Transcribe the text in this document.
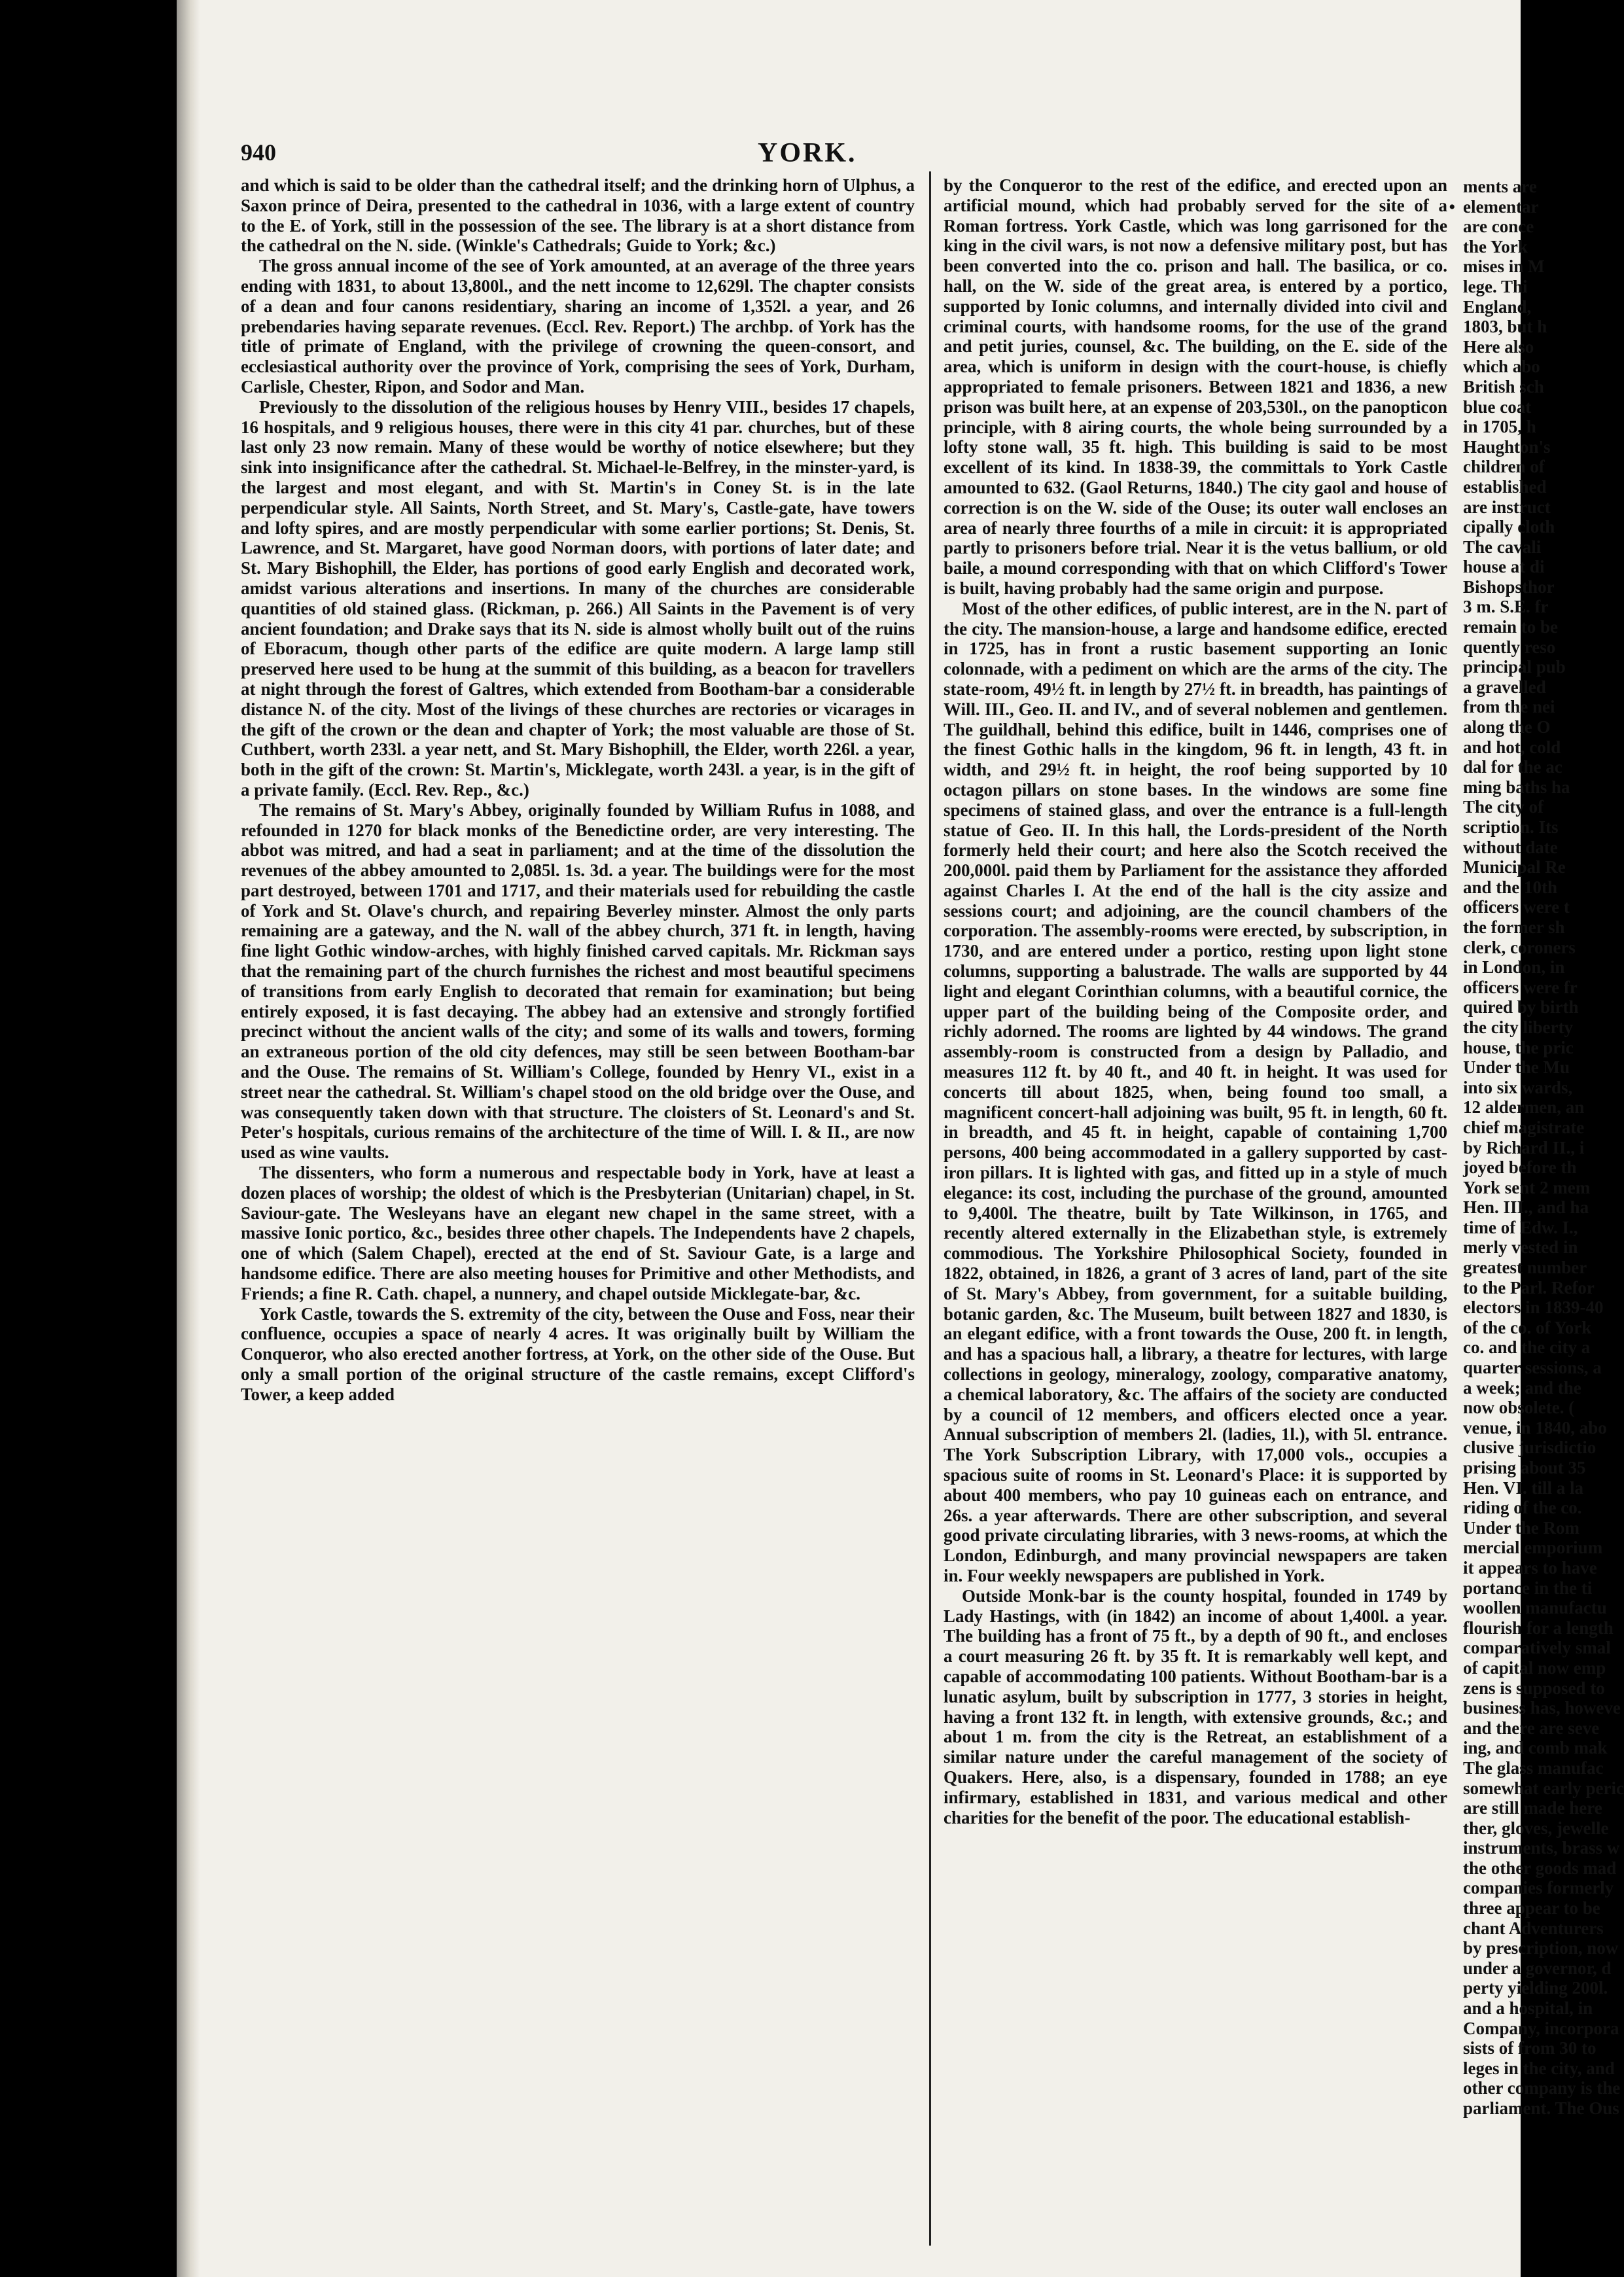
940	YORK.

and which is said to be older than the cathedral itself; and the drinking horn of Ulphus, a Saxon prince of Deira, presented to the cathedral in 1036, with a large extent of country to the E. of York, still in the possession of the see. The library is at a short distance from the cathedral on the N. side. (Winkle's Cathedrals; Guide to York; &c.)

The gross annual income of the see of York amounted, at an average of the three years ending with 1831, to about 13,800l., and the nett income to 12,629l. The chapter consists of a dean and four canons residentiary, sharing an income of 1,352l. a year, and 26 prebendaries having separate revenues. (Eccl. Rev. Report.) The archbp. of York has the title of primate of England, with the privilege of crowning the queen-consort, and ecclesiastical authority over the province of York, comprising the sees of York, Durham, Carlisle, Chester, Ripon, and Sodor and Man.

Previously to the dissolution of the religious houses by Henry VIII., besides 17 chapels, 16 hospitals, and 9 religious houses, there were in this city 41 par. churches, but of these last only 23 now remain. Many of these would be worthy of notice elsewhere; but they sink into insignificance after the cathedral. St. Michael-le-Belfrey, in the minster-yard, is the largest and most elegant, and with St. Martin's in Coney St. is in the late perpendicular style. All Saints, North Street, and St. Mary's, Castle-gate, have towers and lofty spires, and are mostly perpendicular with some earlier portions; St. Denis, St. Lawrence, and St. Margaret, have good Norman doors, with portions of later date; and St. Mary Bishophill, the Elder, has portions of good early English and decorated work, amidst various alterations and insertions. In many of the churches are considerable quantities of old stained glass. (Rickman, p. 266.) All Saints in the Pavement is of very ancient foundation; and Drake says that its N. side is almost wholly built out of the ruins of Eboracum, though other parts of the edifice are quite modern. A large lamp still preserved here used to be hung at the summit of this building, as a beacon for travellers at night through the forest of Galtres, which extended from Bootham-bar a considerable distance N. of the city. Most of the livings of these churches are rectories or vicarages in the gift of the crown or the dean and chapter of York; the most valuable are those of St. Cuthbert, worth 233l. a year nett, and St. Mary Bishophill, the Elder, worth 226l. a year, both in the gift of the crown: St. Martin's, Micklegate, worth 243l. a year, is in the gift of a private family. (Eccl. Rev. Rep., &c.)

The remains of St. Mary's Abbey, originally founded by William Rufus in 1088, and refounded in 1270 for black monks of the Benedictine order, are very interesting. The abbot was mitred, and had a seat in parliament; and at the time of the dissolution the revenues of the abbey amounted to 2,085l. 1s. 3d. a year. The buildings were for the most part destroyed, between 1701 and 1717, and their materials used for rebuilding the castle of York and St. Olave's church, and repairing Beverley minster. Almost the only parts remaining are a gateway, and the N. wall of the abbey church, 371 ft. in length, having fine light Gothic window-arches, with highly finished carved capitals. Mr. Rickman says that the remaining part of the church furnishes the richest and most beautiful specimens of transitions from early English to decorated that remain for examination; but being entirely exposed, it is fast decaying. The abbey had an extensive and strongly fortified precinct without the ancient walls of the city; and some of its walls and towers, forming an extraneous portion of the old city defences, may still be seen between Bootham-bar and the Ouse. The remains of St. William's College, founded by Henry VI., exist in a street near the cathedral. St. William's chapel stood on the old bridge over the Ouse, and was consequently taken down with that structure. The cloisters of St. Leonard's and St. Peter's hospitals, curious remains of the architecture of the time of Will. I. & II., are now used as wine vaults.

The dissenters, who form a numerous and respectable body in York, have at least a dozen places of worship; the oldest of which is the Presbyterian (Unitarian) chapel, in St. Saviour-gate. The Wesleyans have an elegant new chapel in the same street, with a massive Ionic portico, &c., besides three other chapels. The Independents have 2 chapels, one of which (Salem Chapel), erected at the end of St. Saviour Gate, is a large and handsome edifice. There are also meeting houses for Primitive and other Methodists, and Friends; a fine R. Cath. chapel, a nunnery, and chapel outside Micklegate-bar, &c.

York Castle, towards the S. extremity of the city, between the Ouse and Foss, near their confluence, occupies a space of nearly 4 acres. It was originally built by William the Conqueror, who also erected another fortress, at York, on the other side of the Ouse. But only a small portion of the original structure of the castle remains, except Clifford's Tower, a keep added

by the Conqueror to the rest of the edifice, and erected upon an artificial mound, which had probably served for the site of a Roman fortress. York Castle, which was long garrisoned for the king in the civil wars, is not now a defensive military post, but has been converted into the co. prison and hall. The basilica, or co. hall, on the W. side of the great area, is entered by a portico, supported by Ionic columns, and internally divided into civil and criminal courts, with handsome rooms, for the use of the grand and petit juries, counsel, &c. The building, on the E. side of the area, which is uniform in design with the court-house, is chiefly appropriated to female prisoners. Between 1821 and 1836, a new prison was built here, at an expense of 203,530l., on the panopticon principle, with 8 airing courts, the whole being surrounded by a lofty stone wall, 35 ft. high. This building is said to be most excellent of its kind. In 1838-39, the committals to York Castle amounted to 632. (Gaol Returns, 1840.) The city gaol and house of correction is on the W. side of the Ouse; its outer wall encloses an area of nearly three fourths of a mile in circuit: it is appropriated partly to prisoners before trial. Near it is the vetus ballium, or old baile, a mound corresponding with that on which Clifford's Tower is built, having probably had the same origin and purpose.

Most of the other edifices, of public interest, are in the N. part of the city. The mansion-house, a large and handsome edifice, erected in 1725, has in front a rustic basement supporting an Ionic colonnade, with a pediment on which are the arms of the city. The state-room, 49½ ft. in length by 27½ ft. in breadth, has paintings of Will. III., Geo. II. and IV., and of several noblemen and gentlemen. The guildhall, behind this edifice, built in 1446, comprises one of the finest Gothic halls in the kingdom, 96 ft. in length, 43 ft. in width, and 29½ ft. in height, the roof being supported by 10 octagon pillars on stone bases. In the windows are some fine specimens of stained glass, and over the entrance is a full-length statue of Geo. II. In this hall, the Lords-president of the North formerly held their court; and here also the Scotch received the 200,000l. paid them by Parliament for the assistance they afforded against Charles I. At the end of the hall is the city assize and sessions court; and adjoining, are the council chambers of the corporation. The assembly-rooms were erected, by subscription, in 1730, and are entered under a portico, resting upon light stone columns, supporting a balustrade. The walls are supported by 44 light and elegant Corinthian columns, with a beautiful cornice, the upper part of the building being of the Composite order, and richly adorned. The rooms are lighted by 44 windows. The grand assembly-room is constructed from a design by Palladio, and measures 112 ft. by 40 ft., and 40 ft. in height. It was used for concerts till about 1825, when, being found too small, a magnificent concert-hall adjoining was built, 95 ft. in length, 60 ft. in breadth, and 45 ft. in height, capable of containing 1,700 persons, 400 being accommodated in a gallery supported by cast-iron pillars. It is lighted with gas, and fitted up in a style of much elegance: its cost, including the purchase of the ground, amounted to 9,400l. The theatre, built by Tate Wilkinson, in 1765, and recently altered externally in the Elizabethan style, is extremely commodious. The Yorkshire Philosophical Society, founded in 1822, obtained, in 1826, a grant of 3 acres of land, part of the site of St. Mary's Abbey, from government, for a suitable building, botanic garden, &c. The Museum, built between 1827 and 1830, is an elegant edifice, with a front towards the Ouse, 200 ft. in length, and has a spacious hall, a library, a theatre for lectures, with large collections in geology, mineralogy, zoology, comparative anatomy, a chemical laboratory, &c. The affairs of the society are conducted by a council of 12 members, and officers elected once a year. Annual subscription of members 2l. (ladies, 1l.), with 5l. entrance. The York Subscription Library, with 17,000 vols., occupies a spacious suite of rooms in St. Leonard's Place: it is supported by about 400 members, who pay 10 guineas each on entrance, and 26s. a year afterwards. There are other subscription, and several good private circulating libraries, with 3 news-rooms, at which the London, Edinburgh, and many provincial newspapers are taken in. Four weekly newspapers are published in York.

Outside Monk-bar is the county hospital, founded in 1749 by Lady Hastings, with (in 1842) an income of about 1,400l. a year. The building has a front of 75 ft., by a depth of 90 ft., and encloses a court measuring 26 ft. by 35 ft. It is remarkably well kept, and capable of accommodating 100 patients. Without Bootham-bar is a lunatic asylum, built by subscription in 1777, 3 stories in height, having a front 132 ft. in length, with extensive grounds, &c.; and about 1 m. from the city is the Retreat, an establishment of a similar nature under the careful management of the society of Quakers. Here, also, is a dispensary, founded in 1788; an eye infirmary, established in 1831, and various medical and other charities for the benefit of the poor. The educational establish-

•
ments are
elementar
are conce
the York
mises in M
lege. Thi
England,
1803, but h
Here also
which abo
British sch
blue coat
in 1705, h
Haughton's
children of
established
are instruct
cipally cloth
The cavali
house at di
Bishopsthor
3 m. S.E. fr
remain to be
quently reso
principal pub
a gravelled
from the nei
along the O
and hot, cold
dal for the ac
ming baths ha
The city of
scription. Its
without date
Municipal Re
and the 10th
officers were t
the former sh
clerk, coroners
in London, in
officers were fr
quired by birth
the city liberty
house, the pric
Under the Mu
into six wards,
12 aldermen, an
chief magistrate
by Richard II., i
joyed before th
York sent 2 mem
Hen. III., and ha
time of Edw. I.,
merly vested in
greatest number
to the Parl. Refor
electors in 1839-40
of the co. of York
co. and the city a
quarter sessions, a
a week; and the
now obsolete. (
venue, in 1840, abo
clusive jurisdictio
prising about 35
Hen. VI. till a la
riding of the co.
Under the Rom
mercial emporium
it appears to have
portance in the ti
woollen manufactu
flourish for a length
comparatively smal
of capital now emp
zens is supposed to
business has, howeve
and there are seve
ing, and comb mak
The glass manufac
somewhat early peric
are still made here
ther, gloves, jewelle
instruments, brass w
the other goods mad
companies formerly
three appear to be
chant Adventurers
by prescription, now
under a governor, d
perty yielding 200l.
and a hospital, in
Company, incorpora
sists of from 30 to
leges in the city, and
other company is the
parliament. The Ous
